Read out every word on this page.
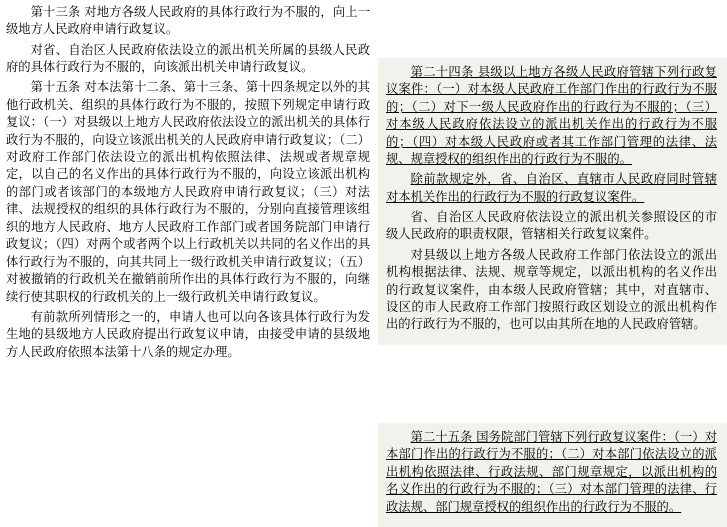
第十三条 对地方各级人民政府的具体行政行为不服的，向上一级地方人民政府申请行政复议。

对省、自治区人民政府依法设立的派出机关所属的县级人民政府的具体行政行为不服的，向该派出机关申请行政复议。

第十五条 对本法第十二条、第十三条、第十四条规定以外的其他行政机关、组织的具体行政行为不服的，按照下列规定申请行政复议：（一）对县级以上地方人民政府依法设立的派出机关的具体行政行为不服的，向设立该派出机关的人民政府申请行政复议；（二）对政府工作部门依法设立的派出机构依照法律、法规或者规章规定，以自己的名义作出的具体行政行为不服的，向设立该派出机构的部门或者该部门的本级地方人民政府申请行政复议；（三）对法律、法规授权的组织的具体行政行为不服的，分别向直接管理该组织的地方人民政府、地方人民政府工作部门或者国务院部门申请行政复议；（四）对两个或者两个以上行政机关以共同的名义作出的具体行政行为不服的，向其共同上一级行政机关申请行政复议；（五）对被撤销的行政机关在撤销前所作出的具体行政行为不服的，向继续行使其职权的行政机关的上一级行政机关申请行政复议。

有前款所列情形之一的，申请人也可以向各该具体行政行为发生地的县级地方人民政府提出行政复议申请，由接受申请的县级地方人民政府依照本法第十八条的规定办理。

第二十四条 县级以上地方各级人民政府管辖下列行政复议案件：（一）对本级人民政府工作部门作出的行政行为不服的；（二）对下一级人民政府作出的行政行为不服的；（三）对本级人民政府依法设立的派出机关作出的行政行为不服的；（四）对本级人民政府或者其工作部门管理的法律、法规、规章授权的组织作出的行政行为不服的。

除前款规定外，省、自治区、直辖市人民政府同时管辖对本机关作出的行政行为不服的行政复议案件。

省、自治区人民政府依法设立的派出机关参照设区的市级人民政府的职责权限，管辖相关行政复议案件。

对县级以上地方各级人民政府工作部门依法设立的派出机构根据法律、法规、规章等规定，以派出机构的名义作出的行政复议案件，由本级人民政府管辖；其中，对直辖市、设区的市人民政府工作部门按照行政区划设立的派出机构作出的行政行为不服的，也可以由其所在地的人民政府管辖。

第二十五条 国务院部门管辖下列行政复议案件：（一）对本部门作出的行政行为不服的；（二）对本部门依法设立的派出机构依照法律、行政法规、部门规章规定，以派出机构的名义作出的行政行为不服的；（三）对本部门管理的法律、行政法规、部门规章授权的组织作出的行政行为不服的。
